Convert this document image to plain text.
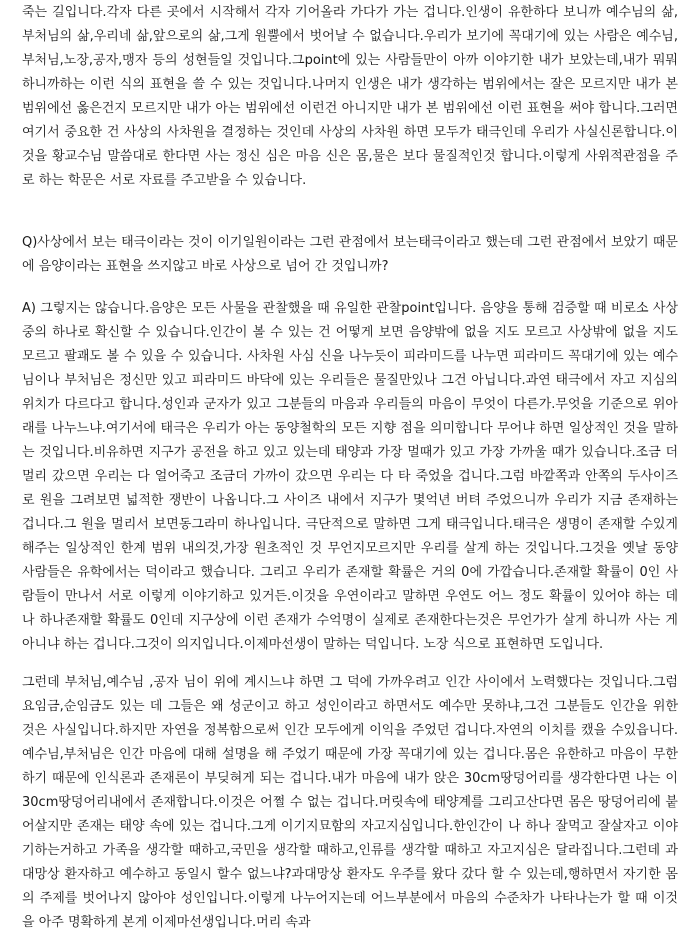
죽는 길입니다.각자 다른 곳에서 시작해서 각자 기어올라 가다가 가는 겁니다.인생이 유한하다 보니까 예수님의 삶, 부처님의 삶,우리네 삶,앞으로의 삶,그게 원뿔에서 벗어날 수 없습니다.우리가 보기에 꼭대기에 있는 사람은 예수님,부처님,노장,공자,맹자 등의 성현들일 것입니다.그point에 있는 사람들만이 아까 이야기한 내가 보았는데,내가 뭐뭐하니까하는 이런 식의 표현을 쓸 수 있는 것입니다.나머지 인생은 내가 생각하는 범위에서는 잘은 모르지만 내가 본 범위에선 옳은건지 모르지만 내가 아는 범위에선 이런건 아니지만 내가 본 범위에선 이런 표현을 써야 합니다.그러면 여기서 중요한 건 사상의 사차원을 결정하는 것인데 사상의 사차원 하면 모두가 태극인데 우리가 사실신론합니다.이것을 황교수님 말씀대로 한다면 사는 정신 심은 마음 신은 몸,물은 보다 물질적인것 합니다.이렇게 사위적관점을 주로 하는 학문은 서로 자료를 주고받을 수 있습니다.

Q)사상에서 보는 태극이라는 것이 이기일원이라는 그런 관점에서 보는태극이라고 했는데 그런 관점에서 보았기 때문에 음양이라는 표현을 쓰지않고 바로 사상으로 넘어 간 것입니까?

A) 그렇지는 않습니다.음양은 모든 사물을 관찰했을 때 유일한 관찰point입니다. 음양을 통해 검증할 때 비로소 사상 중의 하나로 확신할 수 있습니다.인간이 볼 수 있는 건 어떻게 보면 음양밖에 없을 지도 모르고 사상밖에 없을 지도 모르고 팔괘도 볼 수 있을 수 있습니다. 사차원 사심 신을 나누듯이 피라미드를 나누면 피라미드 꼭대기에 있는 예수님이나 부처님은 정신만 있고 피라미드 바닥에 있는 우리들은 물질만있나 그건 아닙니다.과연 태극에서 자고 지심의 위치가 다르다고 합니다.성인과 군자가 있고 그분들의 마음과 우리들의 마음이 무엇이 다른가.무엇을 기준으로 위아래를 나누느냐.여기서에 태극은 우리가 아는 동양철학의 모든 지향 점을 의미합니다 무어냐 하면 일상적인 것을 말하는 것입니다.비유하면 지구가 공전을 하고 있고 있는데 태양과 가장 멀때가 있고 가장 가까울 때가 있습니다.조금 더 멀리 갔으면 우리는 다 얼어죽고 조금더 가까이 갔으면 우리는 다 타 죽었을 겁니다.그럼 바깥쪽과 안쪽의 두사이즈로 원을 그려보면 넓적한 쟁반이 나옵니다.그 사이즈 내에서 지구가 몇억년 버텨 주었으니까 우리가 지금 존재하는 겁니다.그 원을 멀리서 보면동그라미 하나입니다. 극단적으로 말하면 그게 태극입니다.태극은 생명이 존재할 수있게 해주는 일상적인 한계 범위 내의것,가장 원초적인 것 무언지모르지만 우리를 살게 하는 것입니다.그것을 옛날 동양 사람들은 유학에서는 덕이라고 했습니다. 그리고 우리가 존재할 확률은 거의 0에 가깝습니다.존재할 확률이 0인 사람들이 만나서 서로 이렇게 이야기하고 있거든.이것을 우연이라고 말하면 우연도 어느 정도 확률이 있어야 하는 데 나 하나존재할 확률도 0인데 지구상에 이런 존재가 수억명이 실제로 존재한다는것은 무언가가 살게 하니까 사는 게 아니냐 하는 겁니다.그것이 의지입니다.이제마선생이 말하는 덕입니다. 노장 식으로 표현하면 도입니다.

그런데 부처님,예수님 ,공자 님이 위에 계시느냐 하면 그 덕에 가까우려고 인간 사이에서 노력했다는 것입니다.그럼 요임금,순임금도 있는 데 그들은 왜 성군이고 하고 성인이라고 하면서도 예수만 못하냐,그건 그분들도 인간을 위한 것은 사실입니다.하지만 자연을 정복함으로써 인간 모두에게 이익을 주었던 겁니다.자연의 이치를 캤을 수있읍니다.예수님,부처님은 인간 마음에 대해 설명을 해 주었기 때문에 가장 꼭대기에 있는 겁니다.몸은 유한하고 마음이 무한하기 때문에 인식론과 존재론이 부딪혀게 되는 겁니다.내가 마음에 내가 앉은 30cm땅덩어리를 생각한다면 나는 이 30cm땅덩어리내에서 존재합니다.이것은 어쩔 수 없는 겁니다.머릿속에 태양계를 그리고산다면 몸은 땅덩어리에 붙어살지만 존재는 태양 속에 있는 겁니다.그게 이기지묘함의 자고지심입니다.한인간이 나 하나 잘먹고 잘살자고 이야기하는거하고 가족을 생각할 때하고,국민을 생각할 때하고,인류를 생각할 때하고 자고지심은 달라집니다.그런데 과대망상 환자하고 예수하고 동일시 할수 없느냐?과대망상 환자도 우주를 왔다 갔다 할 수 있는데,행하면서 자기한 몸의 주제를 벗어나지 않아야 성인입니다.이렇게 나누어지는데 어느부분에서 마음의 수준차가 나타나는가 할 때 이것을 아주 명확하게 본게 이제마선생입니다.머리 속과
